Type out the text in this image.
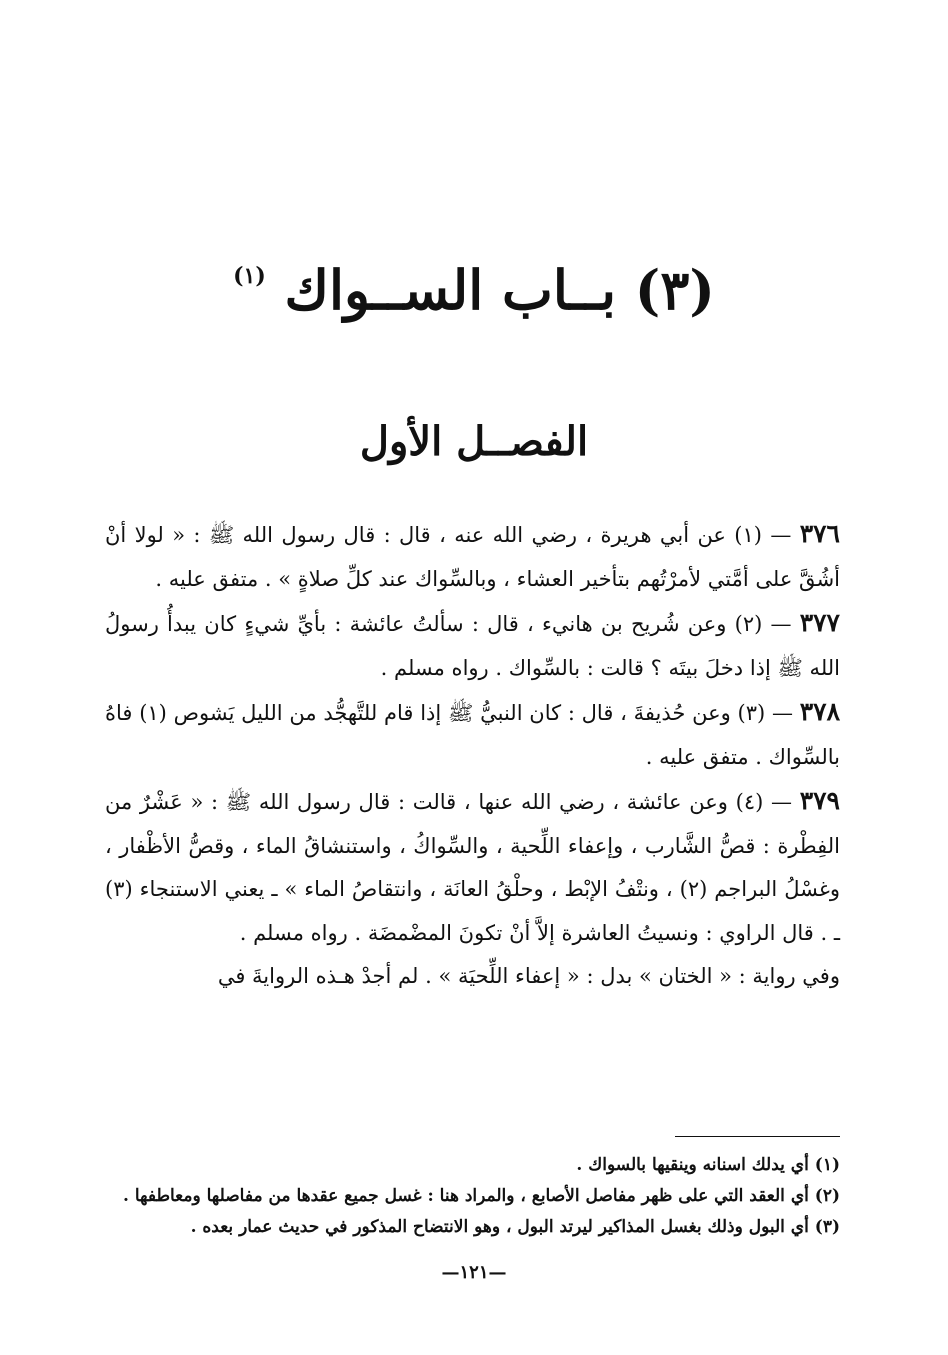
(٣) بــاب الســواك $^{(١)}$
الفصــل الأول

٣٧٦ — (١) عن أبي هريرة ، رضي الله عنه ، قال : قال رسول الله ﷺ : « لولا أنْ أشُقَّ على أمَّتي لأمرْتُهم بتأخير العشاء ، وبالسِّواك عند كلِّ صلاةٍ » . متفق عليه .

٣٧٧ — (٢) وعن شُريح بن هانيء ، قال : سألتُ عائشة : بأيِّ شيءٍ كان يبدأُ رسولُ الله ﷺ إذا دخلَ بيتَه ؟ قالت : بالسِّواك . رواه مسلم .

٣٧٨ — (٣) وعن حُذيفةَ ، قال : كان النبيُّ ﷺ إذا قام للتَّهجُّد من الليل يَشوص (١) فاهُ بالسِّواك . متفق عليه .

٣٧٩ — (٤) وعن عائشة ، رضي الله عنها ، قالت : قال رسول الله ﷺ : « عَشْرٌ من الفِطْرة : قصُّ الشَّارب ، وإعفاء اللِّحية ، والسِّواكُ ، واستنشاقُ الماء ، وقصُّ الأظْفار ، وغسْلُ البراجم (٢) ، ونتْفُ الإبْط ، وحلْقُ العانَة ، وانتقاصُ الماء » ـ يعني الاستنجاء (٣) ـ . قال الراوي : ونسيتُ العاشرة إلاَّ أنْ تكونَ المضْمضَة . رواه مسلم .

وفي رواية : « الختان » بدل : « إعفاء اللِّحيَة » . لم أجدْ هـذه الروايةَ في

(١) أي يدلك اسنانه وينقيها بالسواك .
(٢) أي العقد التي على ظهر مفاصل الأصابع ، والمراد هنا : غسل جميع عقدها من مفاصلها ومعاطفها .
(٣) أي البول وذلك بغسل المذاكير ليرتد البول ، وهو الانتضاح المذكور في حديث عمار بعده .
—١٢١—
